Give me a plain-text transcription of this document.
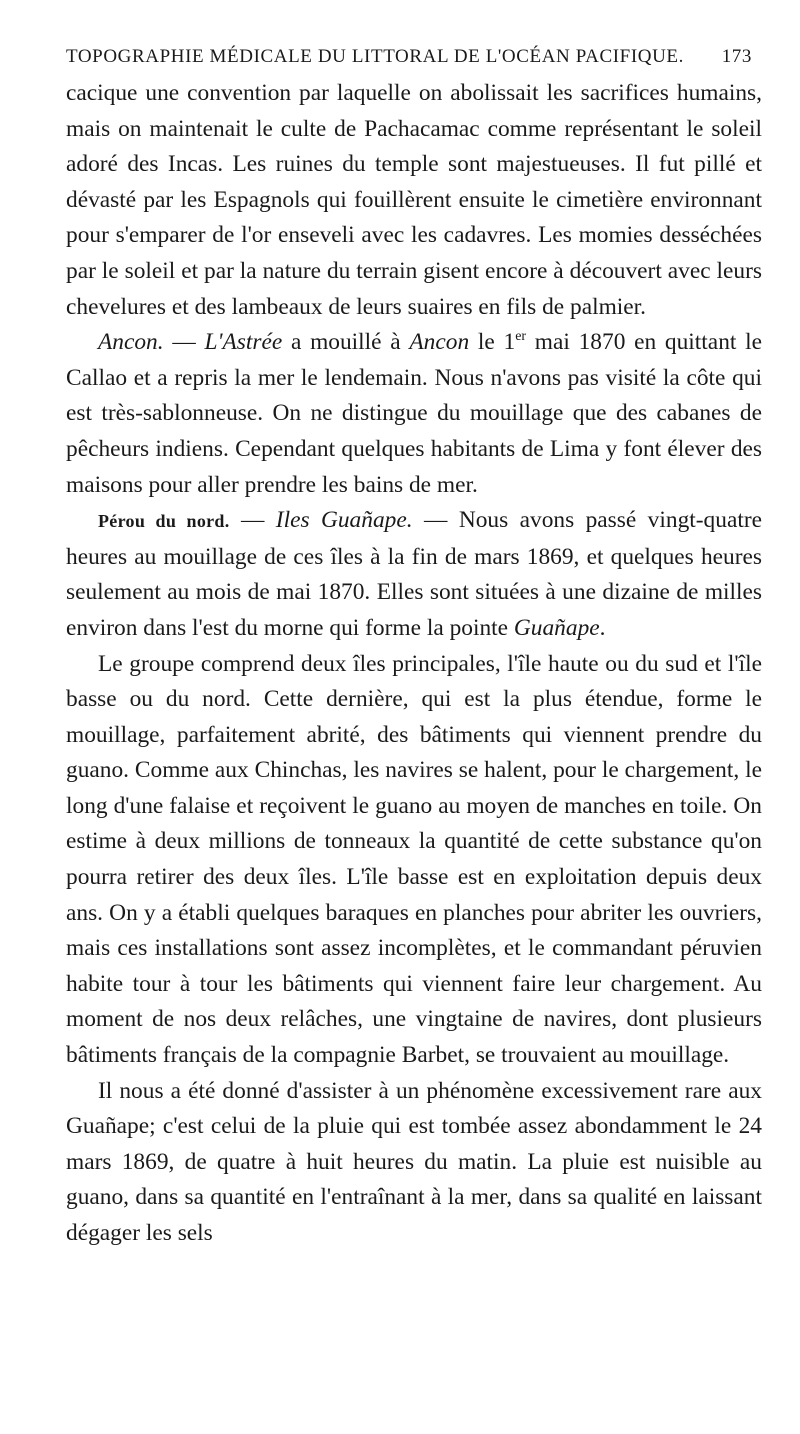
TOPOGRAPHIE MÉDICALE DU LITTORAL DE L'OCÉAN PACIFIQUE. 173

cacique une convention par laquelle on abolissait les sacrifices humains, mais on maintenait le culte de Pachacamac comme représentant le soleil adoré des Incas. Les ruines du temple sont majestueuses. Il fut pillé et dévasté par les Espagnols qui fouillèrent ensuite le cimetière environnant pour s'emparer de l'or enseveli avec les cadavres. Les momies desséchées par le soleil et par la nature du terrain gisent encore à découvert avec leurs chevelures et des lambeaux de leurs suaires en fils de palmier.

Ancon. — L'Astrée a mouillé à Ancon le 1er mai 1870 en quittant le Callao et a repris la mer le lendemain. Nous n'avons pas visité la côte qui est très-sablonneuse. On ne distingue du mouillage que des cabanes de pêcheurs indiens. Cependant quelques habitants de Lima y font élever des maisons pour aller prendre les bains de mer.

Pérou du nord. — Iles Guañape. — Nous avons passé vingt-quatre heures au mouillage de ces îles à la fin de mars 1869, et quelques heures seulement au mois de mai 1870. Elles sont situées à une dizaine de milles environ dans l'est du morne qui forme la pointe Guañape.

Le groupe comprend deux îles principales, l'île haute ou du sud et l'île basse ou du nord. Cette dernière, qui est la plus étendue, forme le mouillage, parfaitement abrité, des bâtiments qui viennent prendre du guano. Comme aux Chinchas, les navires se halent, pour le chargement, le long d'une falaise et reçoivent le guano au moyen de manches en toile. On estime à deux millions de tonneaux la quantité de cette substance qu'on pourra retirer des deux îles. L'île basse est en exploitation depuis deux ans. On y a établi quelques baraques en planches pour abriter les ouvriers, mais ces installations sont assez incomplètes, et le commandant péruvien habite tour à tour les bâtiments qui viennent faire leur chargement. Au moment de nos deux relâches, une vingtaine de navires, dont plusieurs bâtiments français de la compagnie Barbet, se trouvaient au mouillage.

Il nous a été donné d'assister à un phénomène excessivement rare aux Guañape; c'est celui de la pluie qui est tombée assez abondamment le 24 mars 1869, de quatre à huit heures du matin. La pluie est nuisible au guano, dans sa quantité en l'entraînant à la mer, dans sa qualité en laissant dégager les sels
